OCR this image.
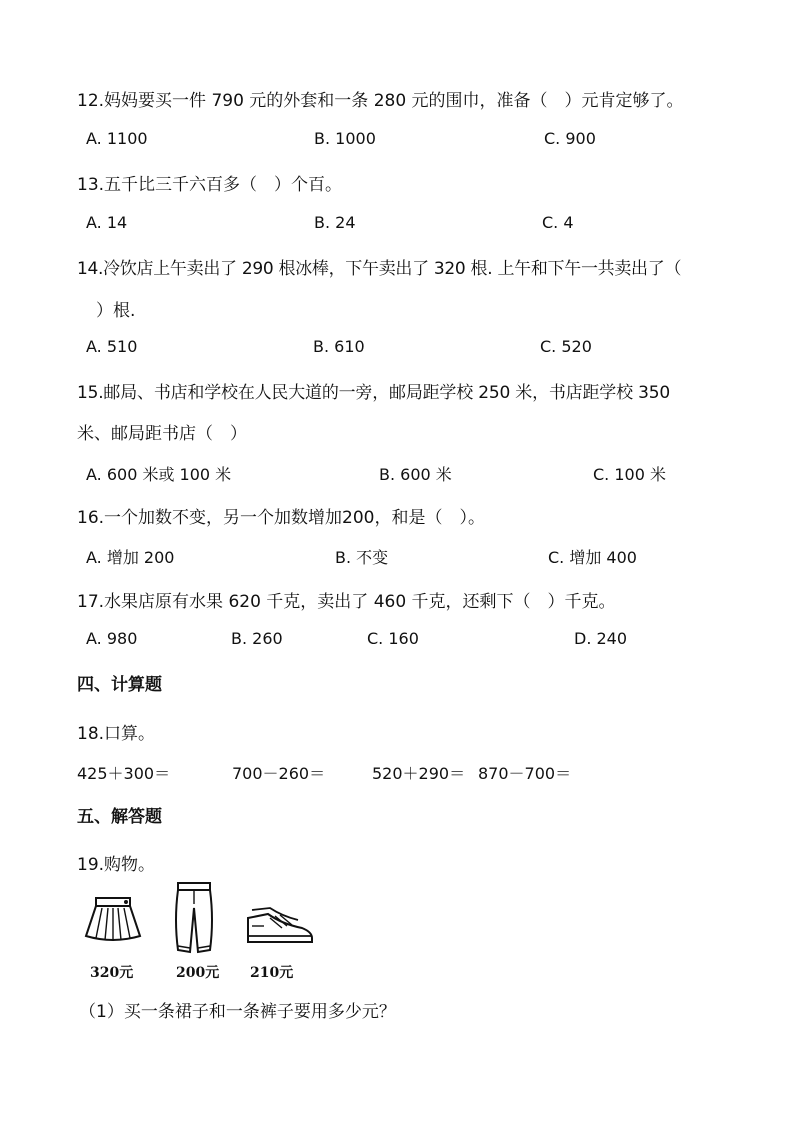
12.妈妈要买一件 790 元的外套和一条 280 元的围巾，准备（　）元肯定够了。
A. 1100	B. 1000	C. 900
13.五千比三千六百多（　）个百。
A. 14	B. 24	C. 4
14.冷饮店上午卖出了 290 根冰棒，下午卖出了 320 根. 上午和下午一共卖出了（
）根.
A. 510	B. 610	C. 520
15.邮局、书店和学校在人民大道的一旁，邮局距学校 250 米，书店距学校 350
米、邮局距书店（　）
A. 600 米或 100 米	B. 600 米	C. 100 米
16.一个加数不变，另一个加数增加200，和是（　）。
A. 增加 200	B. 不变	C. 增加 400
17.水果店原有水果 620 千克，卖出了 460 千克，还剩下（　）千克。
A. 980	B. 260	C. 160	D. 240
四、计算题
18.口算。
425＋300＝	700－260＝	520＋290＝ 870－700＝
五、解答题
19.购物。
320元	200元 210元
（1）买一条裙子和一条裤子要用多少元？
